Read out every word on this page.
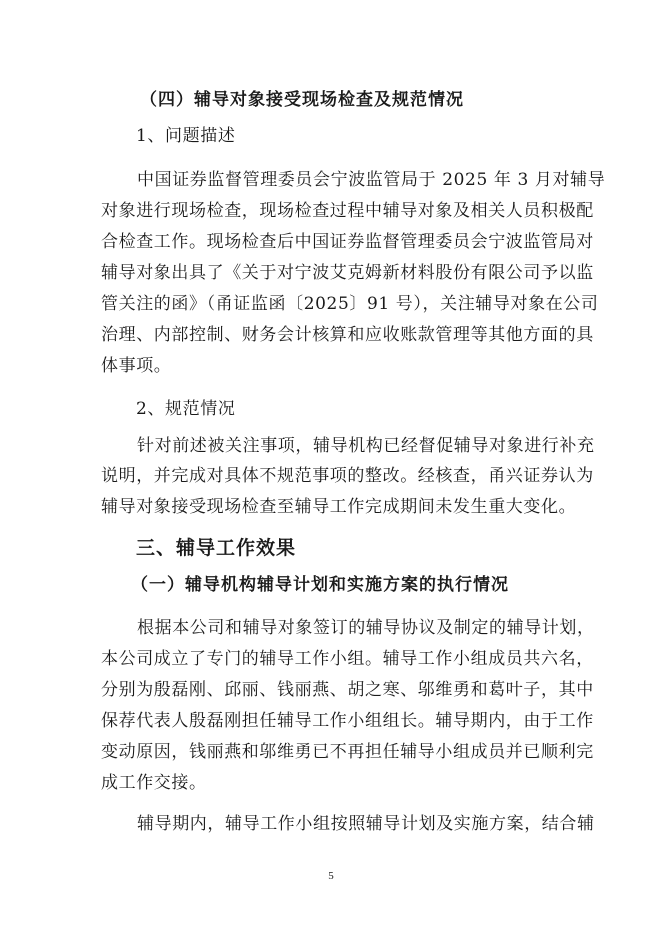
（四）辅导对象接受现场检查及规范情况
1、问题描述
中国证券监督管理委员会宁波监管局于 2025 年 3 月对辅导
对象进行现场检查，现场检查过程中辅导对象及相关人员积极配
合检查工作。现场检查后中国证券监督管理委员会宁波监管局对
辅导对象出具了《关于对宁波艾克姆新材料股份有限公司予以监
管关注的函》（甬证监函〔2025〕91 号），关注辅导对象在公司
治理、内部控制、财务会计核算和应收账款管理等其他方面的具
体事项。
2、规范情况
针对前述被关注事项，辅导机构已经督促辅导对象进行补充
说明，并完成对具体不规范事项的整改。经核查，甬兴证券认为
辅导对象接受现场检查至辅导工作完成期间未发生重大变化。
三、辅导工作效果
（一）辅导机构辅导计划和实施方案的执行情况
根据本公司和辅导对象签订的辅导协议及制定的辅导计划，
本公司成立了专门的辅导工作小组。辅导工作小组成员共六名，
分别为殷磊刚、邱丽、钱丽燕、胡之寒、邬维勇和葛叶子，其中
保荐代表人殷磊刚担任辅导工作小组组长。辅导期内，由于工作
变动原因，钱丽燕和邬维勇已不再担任辅导小组成员并已顺利完
成工作交接。
辅导期内，辅导工作小组按照辅导计划及实施方案，结合辅
5
